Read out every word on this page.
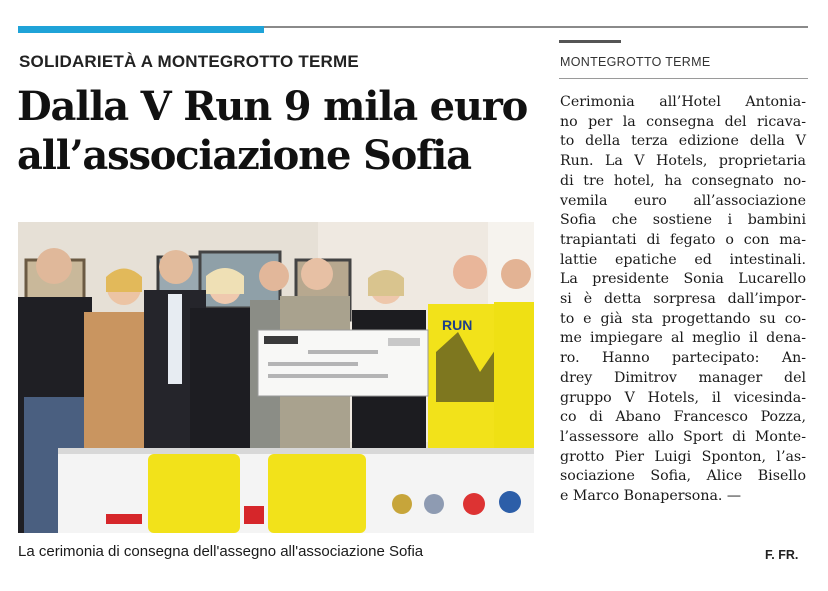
SOLIDARIETÀ A MONTEGROTTO TERME
Dalla V Run 9 mila euro
all’associazione Sofia
RUN
La cerimonia di consegna dell'assegno all'associazione Sofia
MONTEGROTTO TERME
Cerimonia all’Hotel Antonia-
no per la consegna del ricava-
to della terza edizione della V
Run. La V Hotels, proprietaria
di tre hotel, ha consegnato no-
vemila euro all’associazione
Sofia che sostiene i bambini
trapiantati di fegato o con ma-
lattie epatiche ed intestinali.
La presidente Sonia Lucarello
si è detta sorpresa dall’impor-
to e già sta progettando su co-
me impiegare al meglio il dena-
ro. Hanno partecipato: An-
drey Dimitrov manager del
gruppo V Hotels, il vicesinda-
co di Abano Francesco Pozza,
l’assessore allo Sport di Monte-
grotto Pier Luigi Sponton, l’as-
sociazione Sofia, Alice Bisello
e Marco Bonapersona. —
F. FR.
